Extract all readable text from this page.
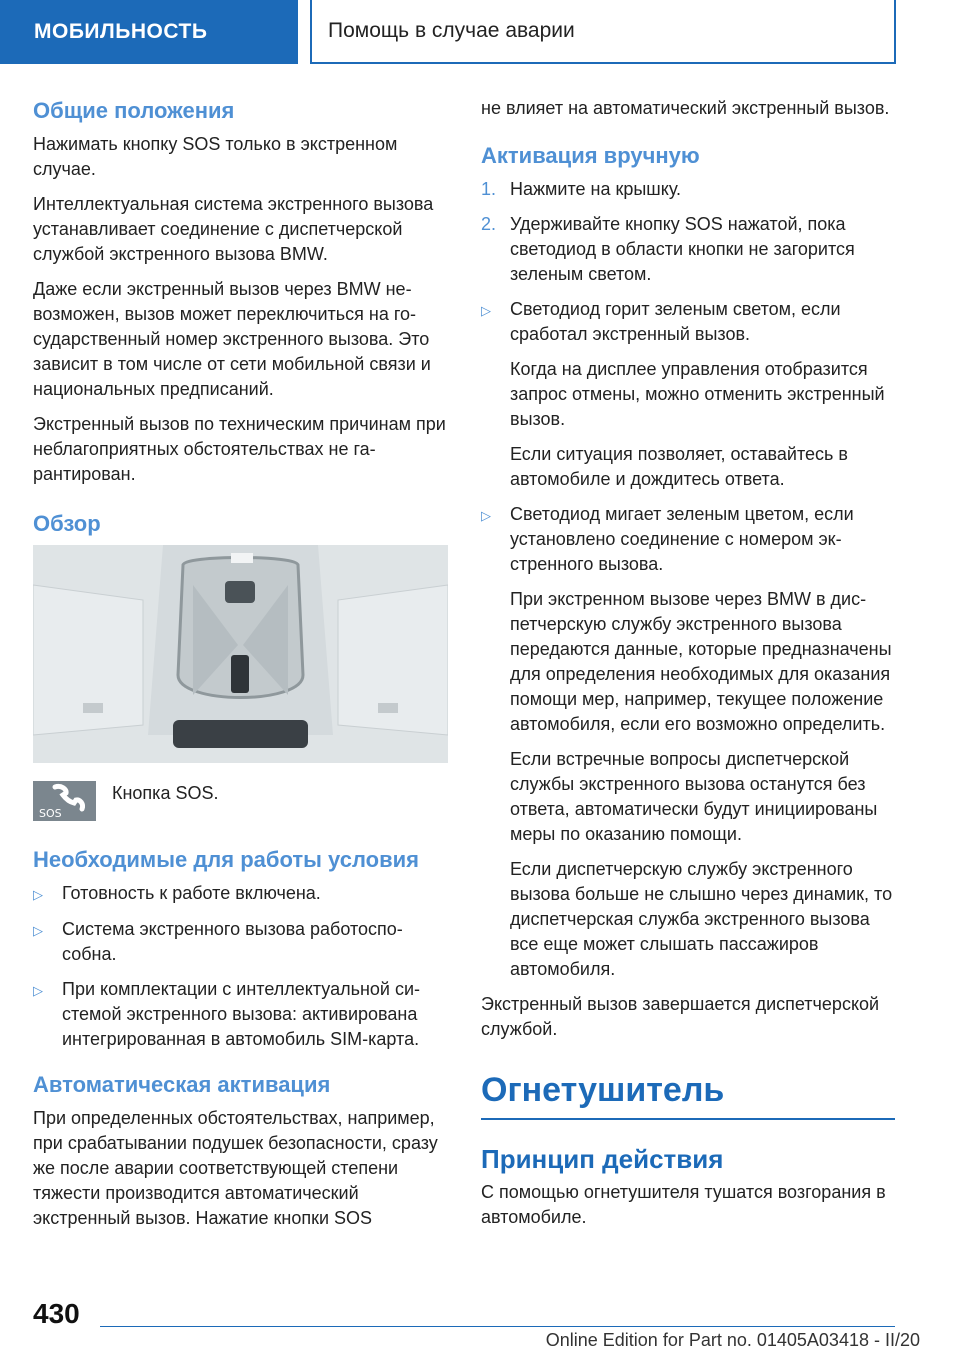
МОБИЛЬНОСТЬ	Помощь в случае аварии
Общие положения

Нажимать кнопку SOS только в экстренном случае.

Интеллектуальная система экстренного вызова устанавливает соединение с диспетчерской службой экстренного вызова BMW.

Даже если экстренный вызов через BMW невозможен, вызов может переключиться на государственный номер экстренного вызова. Это зависит в том числе от сети мобильной связи и национальных предписаний.

Экстренный вызов по техническим причинам при неблагоприятных обстоятельствах не гарантирован.

Обзор
SOS
Кнопка SOS.
Необходимые для работы условия
▷	Готовность к работе включена.
▷	Система экстренного вызова работоспособна.
▷	При комплектации с интеллектуальной системой экстренного вызова: активирована интегрированная в автомобиль SIM-карта.
Автоматическая активация

При определенных обстоятельствах, например, при срабатывании подушек безопасности, сразу же после аварии соответствующей степени тяжести производится автоматический экстренный вызов. Нажатие кнопки SOS

не влияет на автоматический экстренный вызов.

Активация вручную
1. Нажмите на крышку.
2. Удерживайте кнопку SOS нажатой, пока светодиод в области кнопки не загорится зеленым светом.
▷	Светодиод горит зеленым светом, если сработал экстренный вызов.

Когда на дисплее управления отобразится запрос отмены, можно отменить экстренный вызов.

Если ситуация позволяет, оставайтесь в автомобиле и дождитесь ответа.

▷	Светодиод мигает зеленым цветом, если установлено соединение с номером экстренного вызова.

При экстренном вызове через BMW в диспетчерскую службу экстренного вызова передаются данные, которые предназначены для определения необходимых для оказания помощи мер, например, текущее положение автомобиля, если его возможно определить.

Если встречные вопросы диспетчерской службы экстренного вызова останутся без ответа, автоматически будут инициированы меры по оказанию помощи.

Если диспетчерскую службу экстренного вызова больше не слышно через динамик, то диспетчерская служба экстренного вызова все еще может слышать пассажиров автомобиля.

Экстренный вызов завершается диспетчерской службой.

Огнетушитель
Принцип действия

С помощью огнетушителя тушатся возгорания в автомобиле.

430
Online Edition for Part no. 01405A03418 - II/20
